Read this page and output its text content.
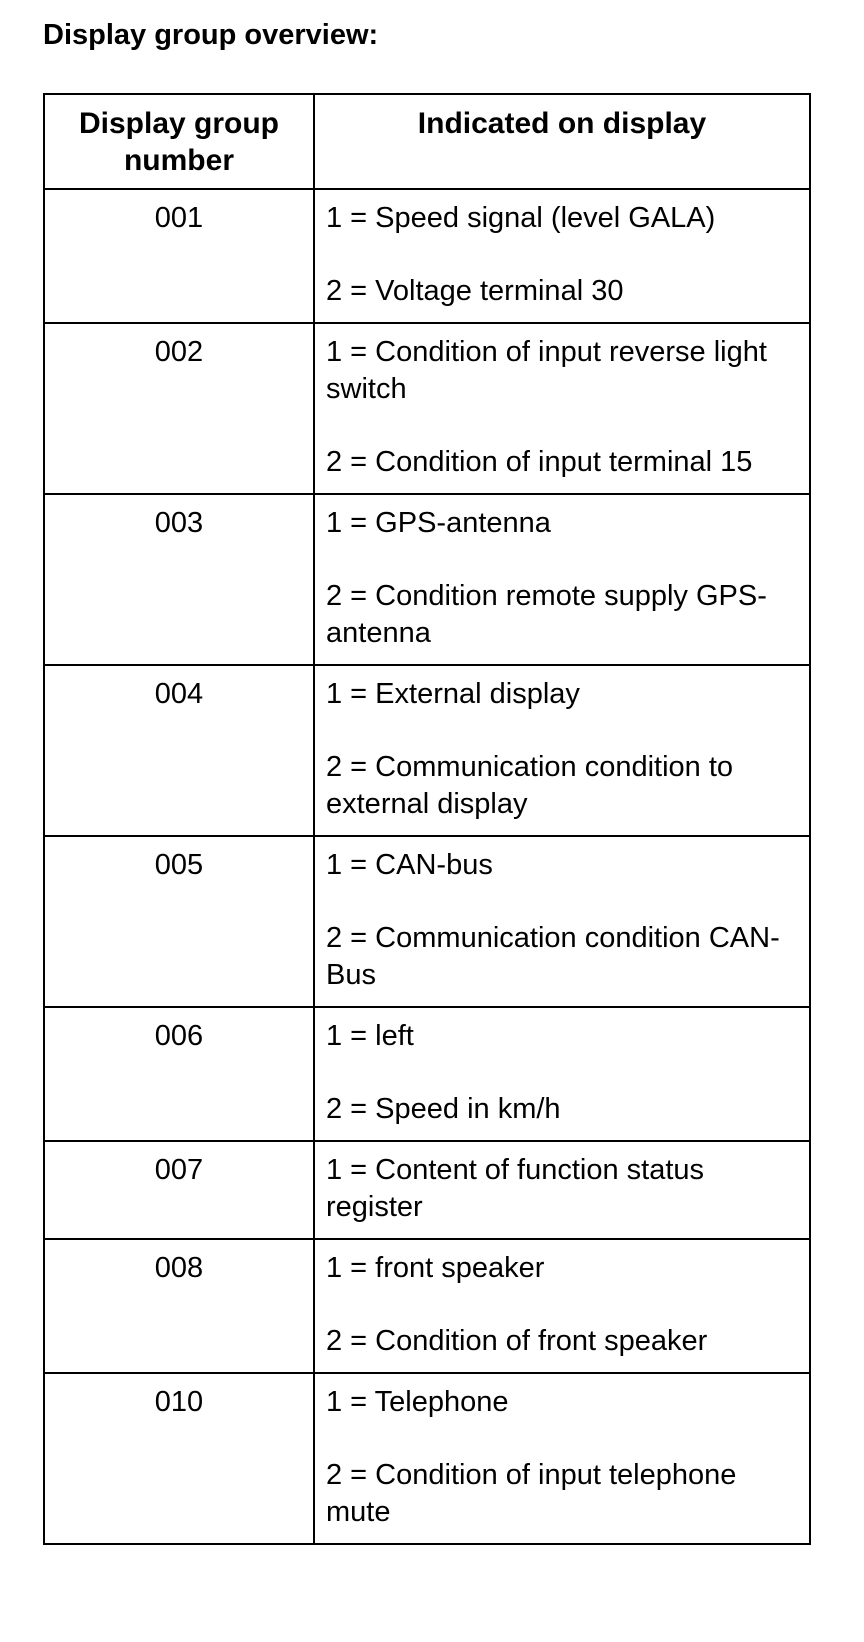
Display group overview:
Display group number	Indicated on display
001	1 = Speed signal (level GALA)
2 = Voltage terminal 30

002	1 = Condition of input reverse light switch
2 = Condition of input terminal 15

003	1 = GPS-antenna
2 = Condition remote supply GPS-antenna

004	1 = External display
2 = Communication condition to external display

005	1 = CAN-bus
2 = Communication condition CAN-Bus

006	1 = left
2 = Speed in km/h

007	1 = Content of function status register

008	1 = front speaker
2 = Condition of front speaker

010	1 = Telephone
2 = Condition of input telephone mute
